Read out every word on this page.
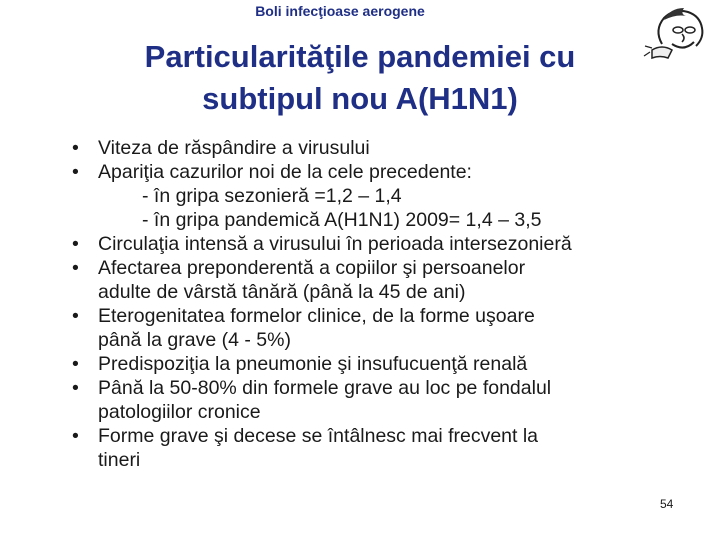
Boli infecţioase aerogene
Particularităţile pandemiei cu
subtipul nou A(H1N1)
• Viteza de răspândire a virusului
• Apariţia cazurilor noi de la cele precedente:
- în gripa sezonieră =1,2 – 1,4
- în gripa pandemică A(H1N1) 2009= 1,4 – 3,5
• Circulaţia intensă a virusului în perioada intersezonieră
• Afectarea preponderentă a copiilor şi persoanelor
adulte de vârstă tânără (până la 45 de ani)
• Eterogenitatea formelor clinice, de la forme uşoare
până la grave (4 - 5%)
• Predispoziţia la pneumonie şi insufucuenţă renală
• Până la 50-80% din formele grave au loc pe fondalul
patologiilor cronice
• Forme grave şi decese se întâlnesc mai frecvent la
tineri
54
